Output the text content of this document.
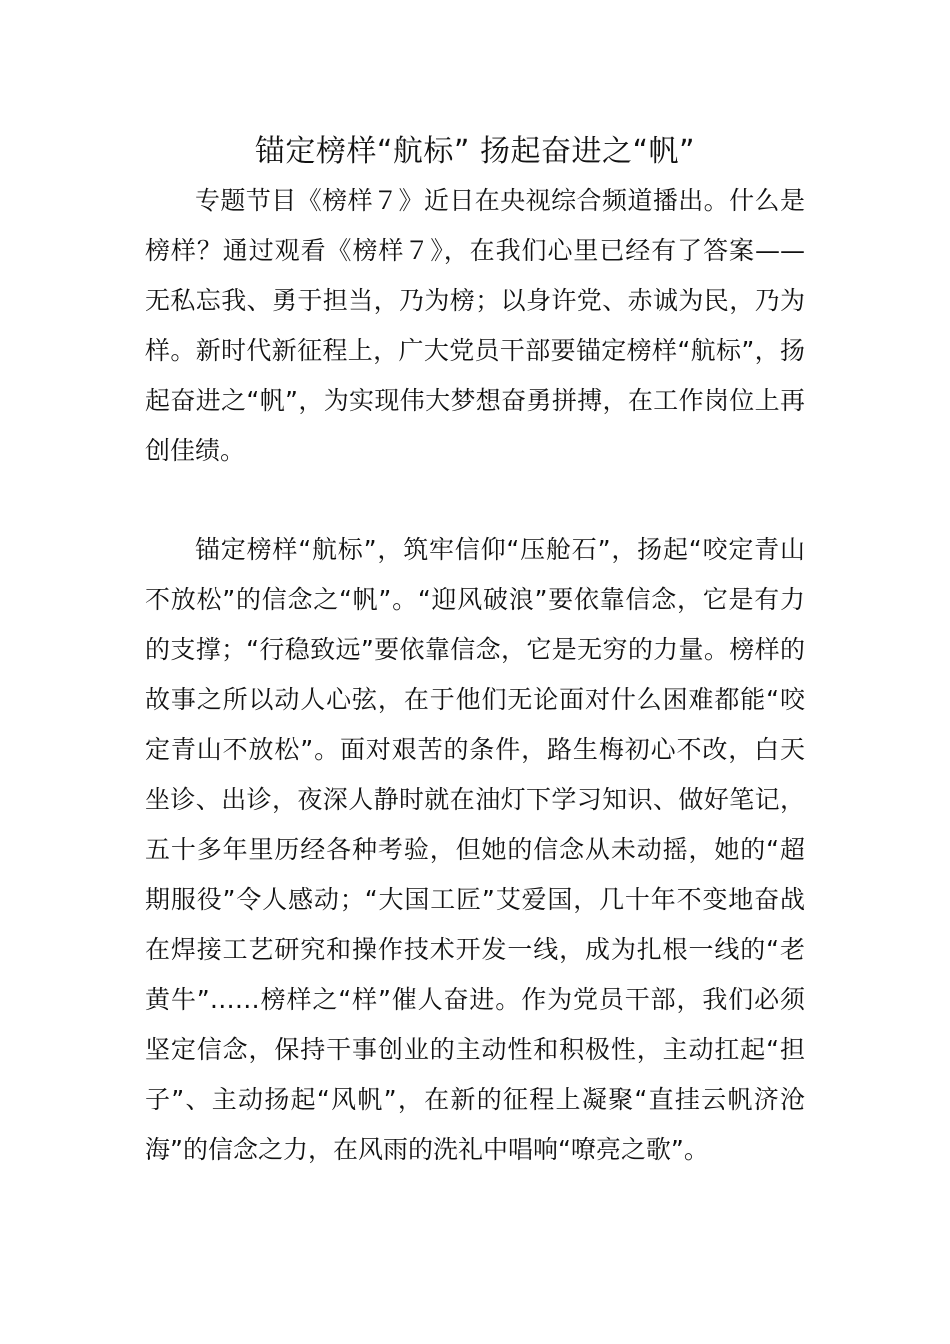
锚定榜样“航标” 扬起奋进之“帆”

专题节目《榜样７》近日在央视综合频道播出。什么是榜样？通过观看《榜样７》，在我们心里已经有了答案——无私忘我、勇于担当，乃为榜；以身许党、赤诚为民，乃为样。新时代新征程上，广大党员干部要锚定榜样“航标”，扬起奋进之“帆”，为实现伟大梦想奋勇拼搏，在工作岗位上再创佳绩。

锚定榜样“航标”，筑牢信仰“压舱石”，扬起“咬定青山不放松”的信念之“帆”。“迎风破浪”要依靠信念，它是有力的支撑；“行稳致远”要依靠信念，它是无穷的力量。榜样的故事之所以动人心弦，在于他们无论面对什么困难都能“咬定青山不放松”。面对艰苦的条件，路生梅初心不改，白天坐诊、出诊，夜深人静时就在油灯下学习知识、做好笔记，五十多年里历经各种考验，但她的信念从未动摇，她的“超期服役”令人感动；“大国工匠”艾爱国，几十年不变地奋战在焊接工艺研究和操作技术开发一线，成为扎根一线的“老黄牛”……榜样之“样”催人奋进。作为党员干部，我们必须坚定信念，保持干事创业的主动性和积极性，主动扛起“担子”、主动扬起“风帆”，在新的征程上凝聚“直挂云帆济沧海”的信念之力，在风雨的洗礼中唱响“嘹亮之歌”。
